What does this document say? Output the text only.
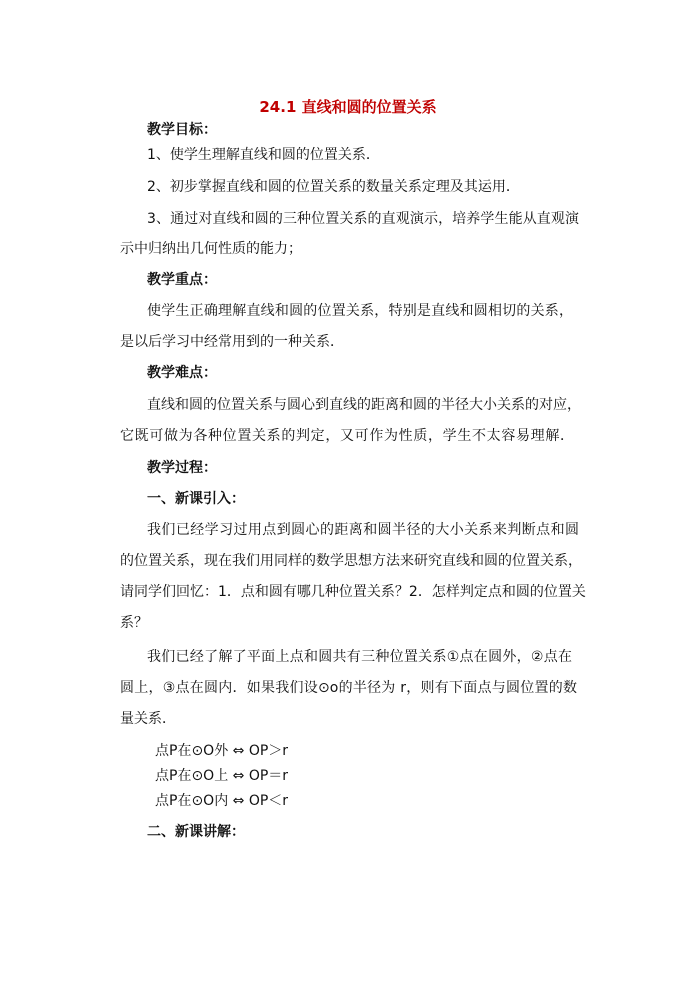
24.1 直线和圆的位置关系
教学目标：
1、使学生理解直线和圆的位置关系．
2、初步掌握直线和圆的位置关系的数量关系定理及其运用．
3、通过对直线和圆的三种位置关系的直观演示，培养学生能从直观演
示中归纳出几何性质的能力；
教学重点：
使学生正确理解直线和圆的位置关系，特别是直线和圆相切的关系，
是以后学习中经常用到的一种关系．
教学难点：
直线和圆的位置关系与圆心到直线的距离和圆的半径大小关系的对应，
它既可做为各种位置关系的判定，又可作为性质，学生不太容易理解．
教学过程：
一、新课引入：
我们已经学习过用点到圆心的距离和圆半径的大小关系来判断点和圆
的位置关系，现在我们用同样的数学思想方法来研究直线和圆的位置关系，
请同学们回忆：1．点和圆有哪几种位置关系？2．怎样判定点和圆的位置关
系？
我们已经了解了平面上点和圆共有三种位置关系①点在圆外，②点在
圆上，③点在圆内．如果我们设⊙o的半径为 r，则有下面点与圆位置的数
量关系．
点P在⊙O外 ⇔ OP＞r
点P在⊙O上 ⇔ OP＝r
点P在⊙O内 ⇔ OP＜r
二、新课讲解：
